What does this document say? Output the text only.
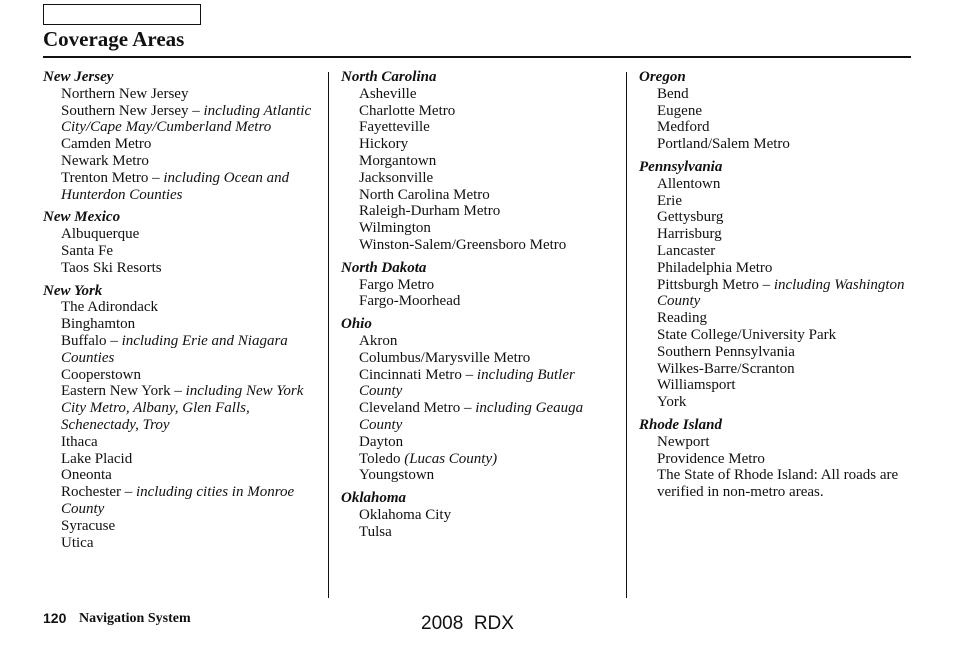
Coverage Areas
New Jersey
Northern New Jersey
Southern New Jersey – including Atlantic City/Cape May/Cumberland Metro
Camden Metro
Newark Metro
Trenton Metro – including Ocean and Hunterdon Counties
New Mexico
Albuquerque
Santa Fe
Taos Ski Resorts
New York
The Adirondack
Binghamton
Buffalo – including Erie and Niagara Counties
Cooperstown
Eastern New York – including New York City Metro, Albany, Glen Falls, Schenectady, Troy
Ithaca
Lake Placid
Oneonta
Rochester – including cities in Monroe County
Syracuse
Utica
North Carolina
Asheville
Charlotte Metro
Fayetteville
Hickory
Morgantown
Jacksonville
North Carolina Metro
Raleigh-Durham Metro
Wilmington
Winston-Salem/Greensboro Metro
North Dakota
Fargo Metro
Fargo-Moorhead
Ohio
Akron
Columbus/Marysville Metro
Cincinnati Metro – including Butler County
Cleveland Metro – including Geauga County
Dayton
Toledo (Lucas County)
Youngstown
Oklahoma
Oklahoma City
Tulsa
Oregon
Bend
Eugene
Medford
Portland/Salem Metro
Pennsylvania
Allentown
Erie
Gettysburg
Harrisburg
Lancaster
Philadelphia Metro
Pittsburgh Metro – including Washington County
Reading
State College/University Park
Southern Pennsylvania
Wilkes-Barre/Scranton
Williamsport
York
Rhode Island
Newport
Providence Metro
The State of Rhode Island: All roads are verified in non-metro areas.
120 Navigation System	2008  RDX
